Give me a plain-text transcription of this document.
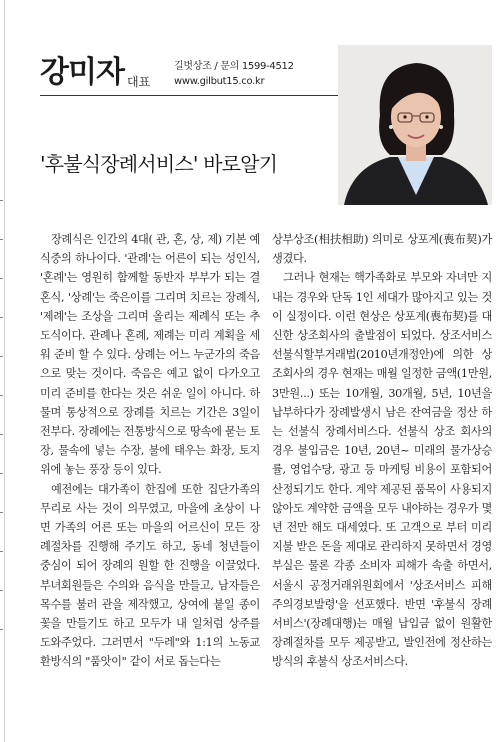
강미자 대표
길벗상조 / 문의 1599-4512
www.gilbut15.co.kr
'후불식장례서비스' 바로알기

장례식은 인간의 4대( 관, 혼, 상, 제) 기본 예식중의 하나이다. '관례'는 어른이 되는 성인식, '혼례'는 영원히 함께할 동반자 부부가 되는 결혼식, '상례'는 죽은이를 그리며 치르는 장례식, '제례'는 조상을 그리며 올리는 제례식 또는 추도식이다. 관례나 혼례, 제례는 미리 계획을 세워 준비 할 수 있다. 상례는 어느 누군가의 죽음으로 맞는 것이다. 죽음은 예고 없이 다가오고 미리 준비를 한다는 것은 쉬운 일이 아니다. 하물며 통상적으로 장례를 치르는 기간은 3일이 전부다. 장례에는 전통방식으로 땅속에 묻는 토장, 물속에 넣는 수장, 불에 태우는 화장, 토지위에 놓는 풍장 등이 있다.

예전에는 대가족이 한집에 또한 집단가족의 무리로 사는 것이 의무였고, 마을에 초상이 나면 가족의 어른 또는 마을의 어르신이 모든 장례절차를 진행해 주기도 하고, 동네 청년들이 중심이 되어 장례의 원할 한 진행을 이끌었다. 부녀회원들은 수의와 음식을 만들고, 남자들은 목수를 불러 관을 제작했고, 상여에 붙일 종이꽃을 만들기도 하고 모두가 내 일처럼 상주를 도와주었다. 그러면서 "두레"와 1:1의 노동교환방식의 "품앗이" 같이 서로 돕는다는

상부상조(相扶相助) 의미로 상포계(喪布契)가 생겼다.

그러나 현재는 핵가족화로 부모와 자녀만 지내는 경우와 단독 1인 세대가 많아지고 있는 것이 실정이다. 이런 현상은 상포계(喪布契)를 대신한 상조회사의 출발점이 되었다. 상조서비스 선불식할부거래법(2010년개정안)에 의한 상조회사의 경우 현재는 매월 일정한 금액(1만원, 3만원...) 또는 10개월, 30개월, 5년, 10년을 납부하다가 장례발생시 남은 잔여금을 정산 하는 선불식 장례서비스다. 선불식 상조 회사의 경우 불입금은 10년, 20년~ 미래의 물가상승률, 영업수당, 광고 등 마케팅 비용이 포함되어 산정되기도 한다. 계약 제공된 품목이 사용되지 않아도 계약한 금액을 모두 내야하는 경우가 몇 년 전만 해도 대세였다. 또 고객으로 부터 미리 지불 받은 돈을 제대로 관리하지 못하면서 경영부실은 물론 각종 소비자 피해가 속출 하면서, 서울시 공정거래위원회에서 '상조서비스 피해주의경보발령'을 선포했다. 반면 '후불식 장례서비스'(장례대행)는 매월 납입금 없이 원활한 장례절차를 모두 제공받고, 발인전에 정산하는 방식의 후불식 상조서비스다.
